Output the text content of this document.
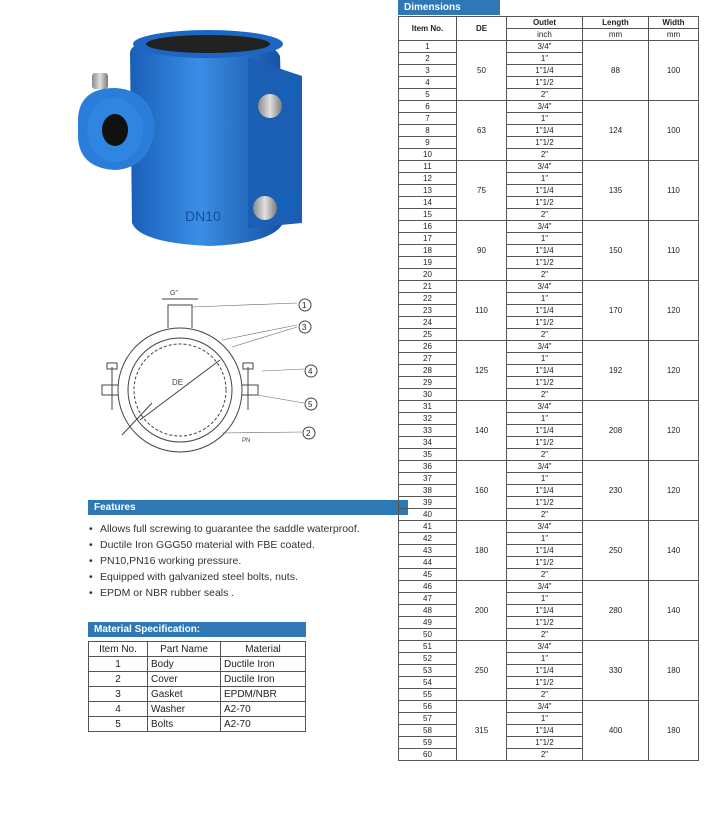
DN10
G"
DE
PN
1
3
4
5
2
Features
• Allows full screwing to guarantee the saddle waterproof.
• Ductile Iron GGG50 material with FBE coated.
• PN10,PN16 working pressure.
• Equipped with galvanized steel bolts, nuts.
• EPDM or NBR rubber seals .
Material Specification:
Item No.	Part Name	Material
1	Body	Ductile Iron
2	Cover	Ductile Iron
3	Gasket	EPDM/NBR
4	Washer	A2-70
5	Bolts	A2-70
Dimensions
Item No.	DE	Outlet	Length	Width
		inch	mm	mm
1	50	3/4"	88	100
2		1"		
3		1"1/4		
4		1"1/2		
5		2"		
6	63	3/4"	124	100
7		1"		
8		1"1/4		
9		1"1/2		
10		2"		
11	75	3/4"	135	110
12		1"		
13		1"1/4		
14		1"1/2		
15		2"		
16	90	3/4"	150	110
17		1"		
18		1"1/4		
19		1"1/2		
20		2"		
21	110	3/4"	170	120
22		1"		
23		1"1/4		
24		1"1/2		
25		2"		
26	125	3/4"	192	120
27		1"		
28		1"1/4		
29		1"1/2		
30		2"		
31	140	3/4"	208	120
32		1"		
33		1"1/4		
34		1"1/2		
35		2"		
36	160	3/4"	230	120
37		1"		
38		1"1/4		
39		1"1/2		
40		2"		
41	180	3/4"	250	140
42		1"		
43		1"1/4		
44		1"1/2		
45		2"		
46	200	3/4"	280	140
47		1"		
48		1"1/4		
49		1"1/2		
50		2"		
51	250	3/4"	330	180
52		1"		
53		1"1/4		
54		1"1/2		
55		2"		
56	315	3/4"	400	180
57		1"		
58		1"1/4		
59		1"1/2		
60		2"		
